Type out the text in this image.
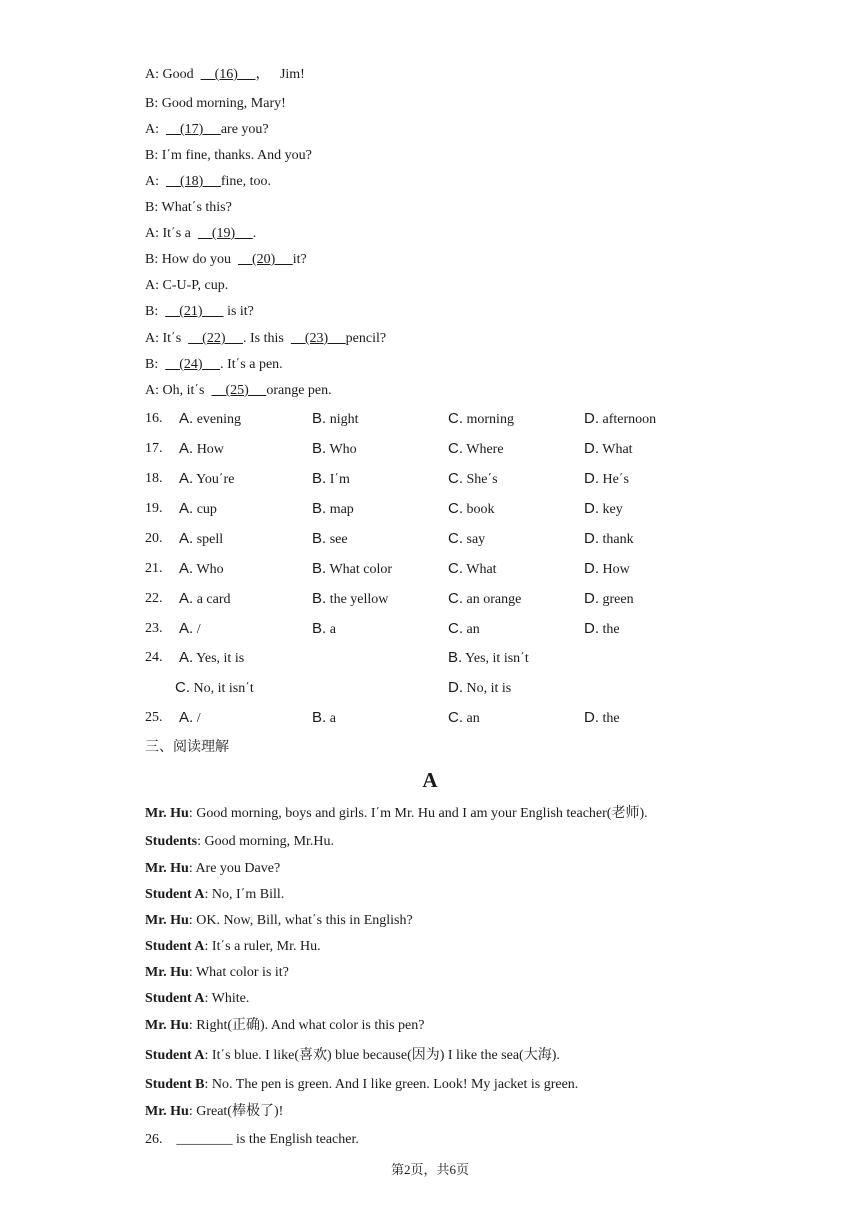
A: Good      (16)     ，   Jim!
B: Good morning, Mary!
A:      (17)     are you?
B: I΄m fine, thanks. And you?
A:      (18)     fine, too.
B: What΄s this?
A: It΄s a      (19)     .
B: How do you      (20)     it?
A: C-U-P, cup.
B:      (21)       is it?
A: It΄s      (22)     . Is this      (23)     pencil?
B:      (24)     . It΄s a pen.
A: Oh, it΄s      (25)     orange pen.
16. A. evening	B. night	C. morning	D. afternoon
17. A. How	B. Who	C. Where	D. What
18. A. You΄re	B. I΄m	C. She΄s	D. He΄s
19. A. cup	B. map	C. book	D. key
20. A. spell	B. see	C. say	D. thank
21. A. Who	B. What color	C. What	D. How
22. A. a card	B. the yellow	C. an orange	D. green
23. A. /	B. a	C. an	D. the
24. A. Yes, it is	B. Yes, it isn΄t
C. No, it isn΄t	D. No, it is
25. A. /	B. a	C. an	D. the
三、阅读理解
A
Mr. Hu: Good morning, boys and girls. I΄m Mr. Hu and I am your English teacher(老师).
Students: Good morning, Mr.Hu.
Mr. Hu: Are you Dave?
Student A: No, I΄m Bill.
Mr. Hu: OK. Now, Bill, what΄s this in English?
Student A: It΄s a ruler, Mr. Hu.
Mr. Hu: What color is it?
Student A: White.
Mr. Hu: Right(正确). And what color is this pen?
Student A: It΄s blue. I like(喜欢) blue because(因为) I like the sea(大海).
Student B: No. The pen is green. And I like green. Look! My jacket is green.
Mr. Hu: Great(棒极了)!
26. ________ is the English teacher.
第2页，共6页
